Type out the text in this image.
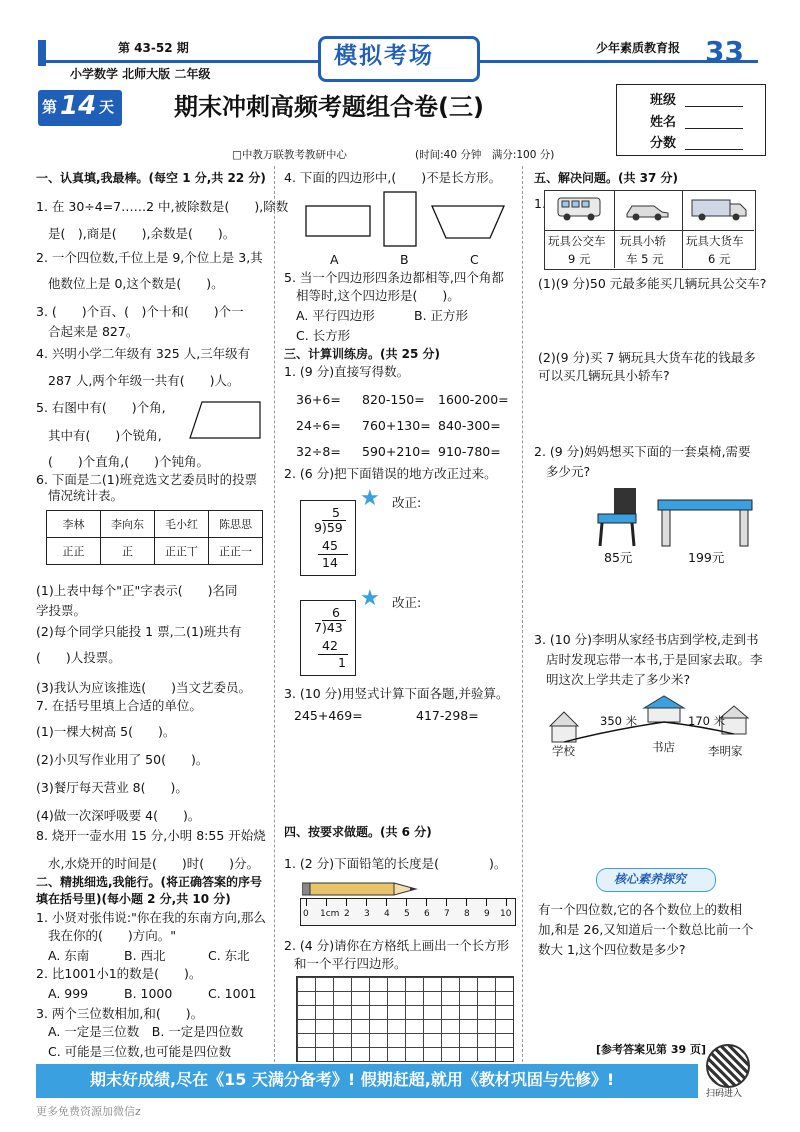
第 43-52 期
小学数学 北师大版 二年级
模拟考场	少年素质教育报 33
第 14 天 期末冲刺高频考题组合卷(三)	班级
姓名
分数
□中教万联教考教研中心	(时间:40 分钟　满分:100 分)
一、认真填,我最棒。(每空 1 分,共 22 分)
1. 在 30÷4=7……2 中,被除数是(　　),除数
是(　),商是(　　),余数是(　　)。
2. 一个四位数,千位上是 9,个位上是 3,其
他数位上是 0,这个数是(　　)。
3. (　　)个百、(　)个十和(　　)个一
合起来是 827。
4. 兴明小学二年级有 325 人,三年级有
287 人,两个年级一共有(　　)人。
5. 右图中有(　　)个角,
其中有(　　)个锐角,
(　　)个直角,(　　)个钝角。
6. 下面是二(1)班竞选文艺委员时的投票
情况统计表。
李林	李向东	毛小红	陈思思
正正	正	正正丅	正正一
(1)上表中每个"正"字表示(　　)名同
学投票。
(2)每个同学只能投 1 票,二(1)班共有
(　　)人投票。
(3)我认为应该推选(　　)当文艺委员。
7. 在括号里填上合适的单位。
(1)一棵大树高 5(　　)。
(2)小贝写作业用了 50(　　)。
(3)餐厅每天营业 8(　　)。
(4)做一次深呼吸要 4(　　)。
8. 烧开一壶水用 15 分,小明 8:55 开始烧
水,水烧开的时间是(　　)时(　　)分。
二、精挑细选,我能行。(将正确答案的序号
填在括号里)(每小题 2 分,共 10 分)
1. 小贤对张伟说:"你在我的东南方向,那么
我在你的(　　)方向。"
A. 东南	B. 西北	C. 东北
2. 比1001小1的数是(　　)。
A. 999	B. 1000	C. 1001
3. 两个三位数相加,和(　　)。
A. 一定是三位数　B. 一定是四位数
C. 可能是三位数,也可能是四位数
4. 下面的四边形中,(　　)不是长方形。
A	B	C
5. 当一个四边形四条边都相等,四个角都
相等时,这个四边形是(　　)。
A. 平行四边形	B. 正方形
C. 长方形
三、计算训练房。(共 25 分)
1. (9 分)直接写得数。
36+6= 820-150= 1600-200=
24÷6= 760+130= 840-300=
32÷8= 590+210= 910-780=
2. (6 分)把下面错误的地方改正过来。
5
9)59
45
14
★ 改正:
6
7)43
42
1
★ 改正:
3. (10 分)用竖式计算下面各题,并验算。
245+469=	417-298=
四、按要求做题。(共 6 分)
1. (2 分)下面铅笔的长度是(　　　　)。
0 1cm 2 3 4 5 6 7 8 9 10
2. (4 分)请你在方格纸上画出一个长方形
和一个平行四边形。
五、解决问题。(共 37 分)
1.
玩具公交车 玩具小轿 玩具大货车
9 元	车 5 元	6 元
(1)(9 分)50 元最多能买几辆玩具公交车?
(2)(9 分)买 7 辆玩具大货车花的钱最多
可以买几辆玩具小轿车?
2. (9 分)妈妈想买下面的一套桌椅,需要
多少元?
85元	199元
3. (10 分)李明从家经书店到学校,走到书
店时发现忘带一本书,于是回家去取。李
明这次上学共走了多少米?
350 米	170 米
学校	书店	李明家
核心素养探究
有一个四位数,它的各个数位上的数相
加,和是 26,又知道后一个数总比前一个
数大 1,这个四位数是多少?
[参考答案见第 39 页]
期末好成绩,尽在《15 天满分备考》! 假期赶超,就用《教材巩固与先修》!
扫码进入
更多免费资源加微信z
